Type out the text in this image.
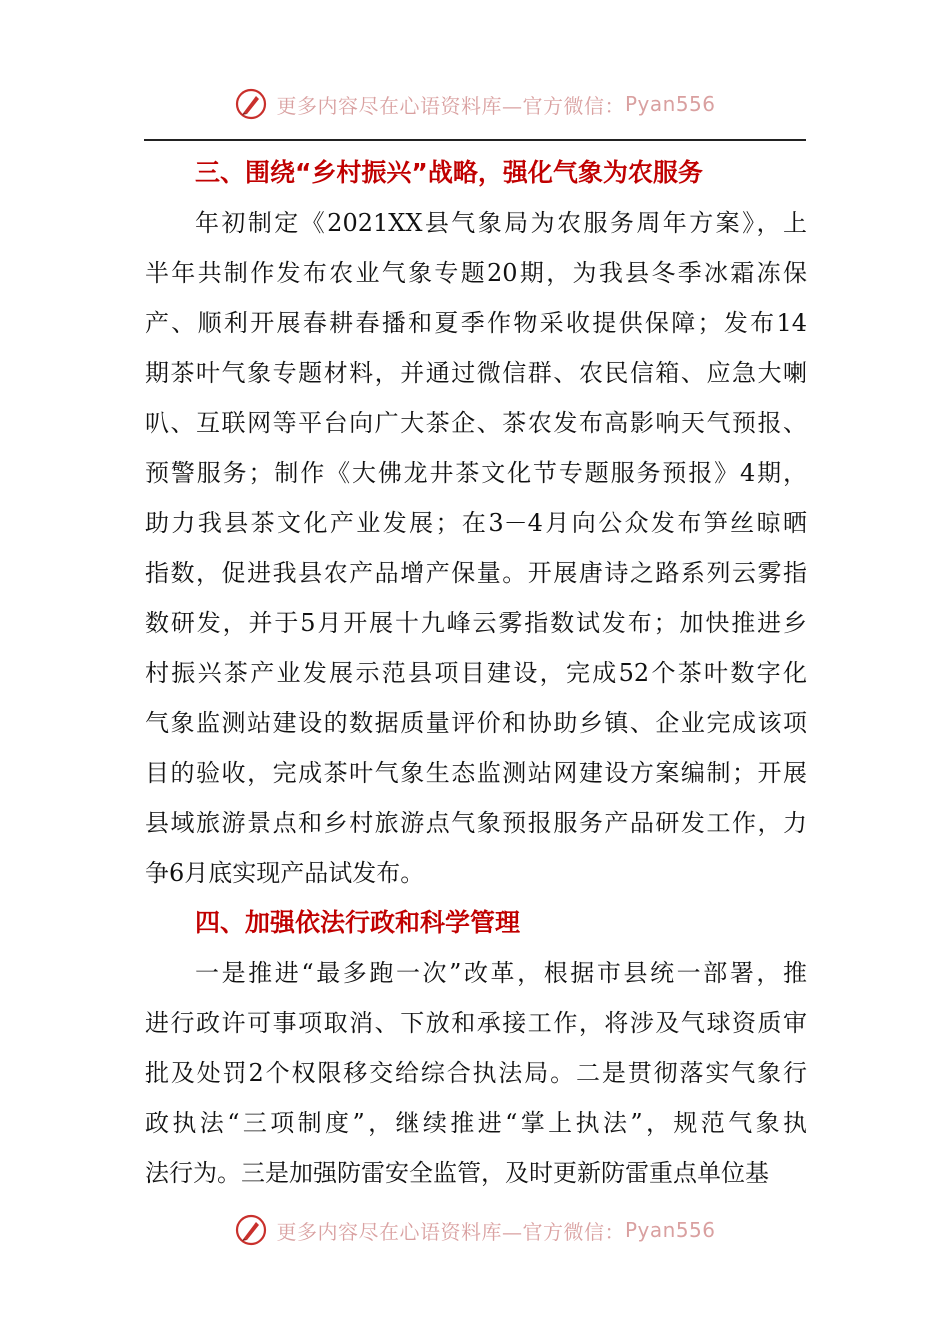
更多内容尽在心语资料库—官方微信： Pyan556
三、围绕“乡村振兴”战略，强化气象为农服务
年初制定《2021XX县气象局为农服务周年方案》，上
半年共制作发布农业气象专题20期，为我县冬季冰霜冻保
产、顺利开展春耕春播和夏季作物采收提供保障；发布14
期茶叶气象专题材料，并通过微信群、农民信箱、应急大喇
叭、互联网等平台向广大茶企、茶农发布高影响天气预报、
预警服务；制作《大佛龙井茶文化节专题服务预报》4期，
助力我县茶文化产业发展；在3－4月向公众发布笋丝晾晒
指数，促进我县农产品增产保量。开展唐诗之路系列云雾指
数研发，并于5月开展十九峰云雾指数试发布；加快推进乡
村振兴茶产业发展示范县项目建设，完成52个茶叶数字化
气象监测站建设的数据质量评价和协助乡镇、企业完成该项
目的验收，完成茶叶气象生态监测站网建设方案编制；开展
县域旅游景点和乡村旅游点气象预报服务产品研发工作，力
争6月底实现产品试发布。
四、加强依法行政和科学管理
一是推进“最多跑一次”改革，根据市县统一部署，推
进行政许可事项取消、下放和承接工作，将涉及气球资质审
批及处罚2个权限移交给综合执法局。二是贯彻落实气象行
政执法“三项制度”，继续推进“掌上执法”，规范气象执
法行为。三是加强防雷安全监管，及时更新防雷重点单位基
更多内容尽在心语资料库—官方微信： Pyan556
